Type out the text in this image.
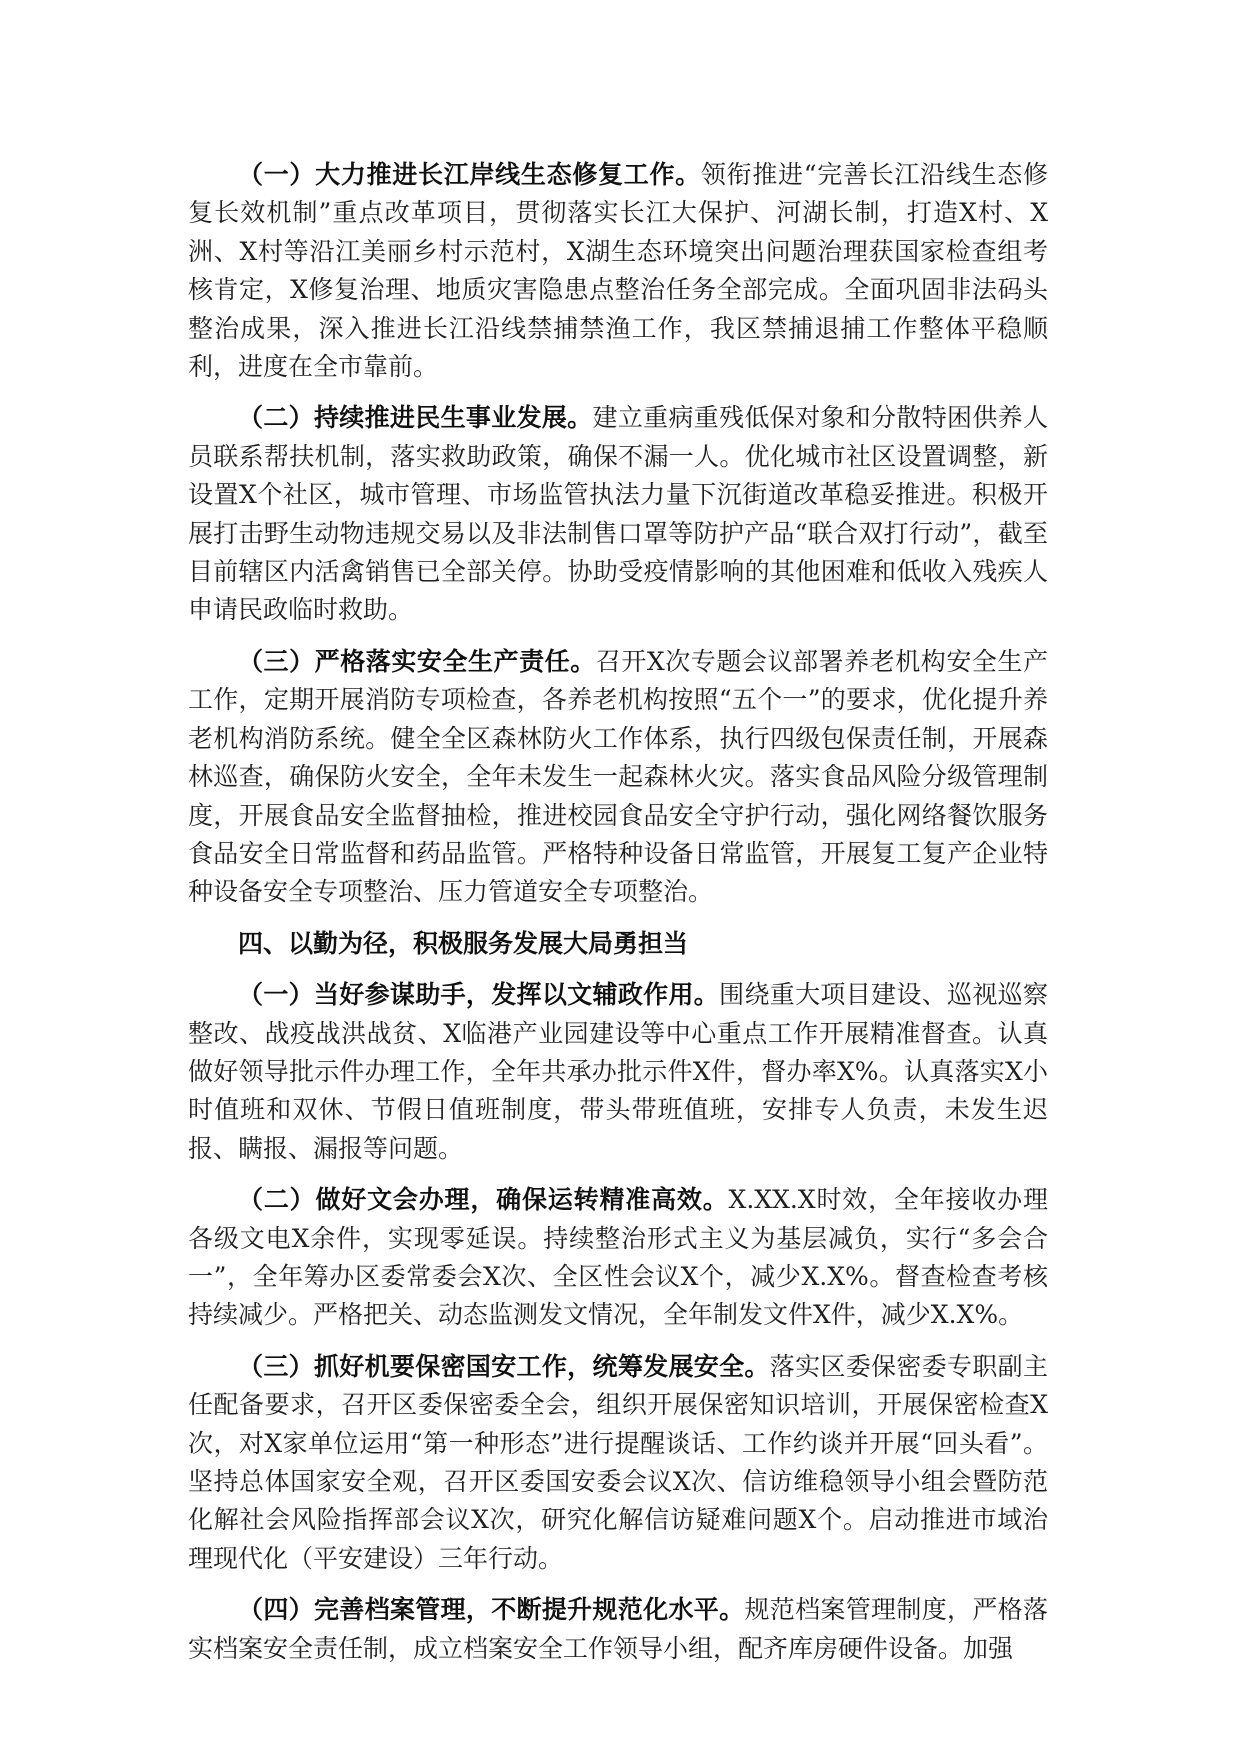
（一）大力推进长江岸线生态修复工作。领衔推进“完善长江沿线生态修复长效机制”重点改革项目，贯彻落实长江大保护、河湖长制，打造X村、X洲、X村等沿江美丽乡村示范村，X湖生态环境突出问题治理获国家检查组考核肯定，X修复治理、地质灾害隐患点整治任务全部完成。全面巩固非法码头整治成果，深入推进长江沿线禁捕禁渔工作，我区禁捕退捕工作整体平稳顺利，进度在全市靠前。

（二）持续推进民生事业发展。建立重病重残低保对象和分散特困供养人员联系帮扶机制，落实救助政策，确保不漏一人。优化城市社区设置调整，新设置X个社区，城市管理、市场监管执法力量下沉街道改革稳妥推进。积极开展打击野生动物违规交易以及非法制售口罩等防护产品“联合双打行动”，截至目前辖区内活禽销售已全部关停。协助受疫情影响的其他困难和低收入残疾人申请民政临时救助。

（三）严格落实安全生产责任。召开X次专题会议部署养老机构安全生产工作，定期开展消防专项检查，各养老机构按照“五个一”的要求，优化提升养老机构消防系统。健全全区森林防火工作体系，执行四级包保责任制，开展森林巡查，确保防火安全，全年未发生一起森林火灾。落实食品风险分级管理制度，开展食品安全监督抽检，推进校园食品安全守护行动，强化网络餐饮服务食品安全日常监督和药品监管。严格特种设备日常监管，开展复工复产企业特种设备安全专项整治、压力管道安全专项整治。

四、以勤为径，积极服务发展大局勇担当

（一）当好参谋助手，发挥以文辅政作用。围绕重大项目建设、巡视巡察整改、战疫战洪战贫、X临港产业园建设等中心重点工作开展精准督查。认真做好领导批示件办理工作，全年共承办批示件X件，督办率X%。认真落实X小时值班和双休、节假日值班制度，带头带班值班，安排专人负责，未发生迟报、瞒报、漏报等问题。

（二）做好文会办理，确保运转精准高效。X.XX.X时效，全年接收办理各级文电X余件，实现零延误。持续整治形式主义为基层减负，实行“多会合一”，全年筹办区委常委会X次、全区性会议X个，减少X.X%。督查检查考核持续减少。严格把关、动态监测发文情况，全年制发文件X件，减少X.X%。

（三）抓好机要保密国安工作，统筹发展安全。落实区委保密委专职副主任配备要求，召开区委保密委全会，组织开展保密知识培训，开展保密检查X次，对X家单位运用“第一种形态”进行提醒谈话、工作约谈并开展“回头看”。坚持总体国家安全观，召开区委国安委会议X次、信访维稳领导小组会暨防范化解社会风险指挥部会议X次，研究化解信访疑难问题X个。启动推进市域治理现代化（平安建设）三年行动。

（四）完善档案管理，不断提升规范化水平。规范档案管理制度，严格落实档案安全责任制，成立档案安全工作领导小组，配齐库房硬件设备。加强
